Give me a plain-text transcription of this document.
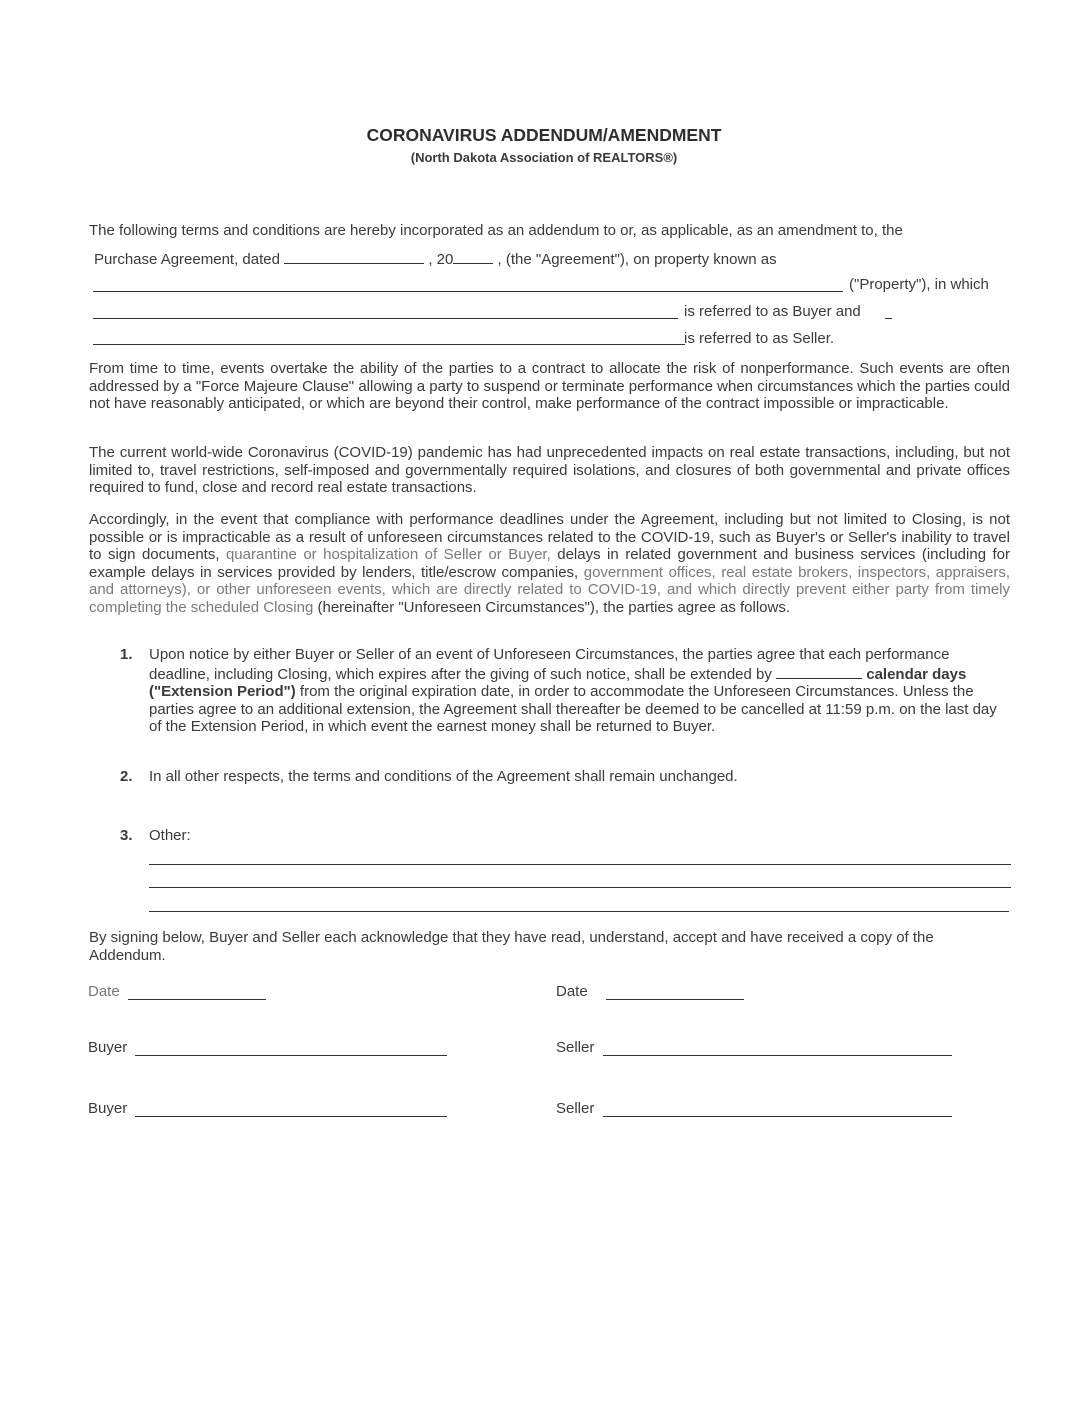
CORONAVIRUS ADDENDUM/AMENDMENT
(North Dakota Association of REALTORS®)
The following terms and conditions are hereby incorporated as an addendum to or, as applicable, as an amendment to, the
Purchase Agreement, dated	, 20	, (the "Agreement"), on property known as
("Property"), in which
is referred to as Buyer and
is referred to as Seller.
From time to time, events overtake the ability of the parties to a contract to allocate the risk of nonperformance. Such events are often addressed by a "Force Majeure Clause" allowing a party to suspend or terminate performance when circumstances which the parties could not have reasonably anticipated, or which are beyond their control, make performance of the contract impossible or impracticable.
The current world-wide Coronavirus (COVID-19) pandemic has had unprecedented impacts on real estate transactions, including, but not limited to, travel restrictions, self-imposed and governmentally required isolations, and closures of both governmental and private offices required to fund, close and record real estate transactions.
Accordingly, in the event that compliance with performance deadlines under the Agreement, including but not limited to Closing, is not possible or is impracticable as a result of unforeseen circumstances related to the COVID-19, such as Buyer's or Seller's inability to travel to sign documents, quarantine or hospitalization of Seller or Buyer, delays in related government and business services (including for example delays in services provided by lenders, title/escrow companies, government offices, real estate brokers, inspectors, appraisers, and attorneys), or other unforeseen events, which are directly related to COVID-19, and which directly prevent either party from timely completing the scheduled Closing (hereinafter "Unforeseen Circumstances"), the parties agree as follows.
1. Upon notice by either Buyer or Seller of an event of Unforeseen Circumstances, the parties agree that each performance deadline, including Closing, which expires after the giving of such notice, shall be extended by	calendar days ("Extension Period") from the original expiration date, in order to accommodate the Unforeseen Circumstances. Unless the parties agree to an additional extension, the Agreement shall thereafter be deemed to be cancelled at 11:59 p.m. on the last day of the Extension Period, in which event the earnest money shall be returned to Buyer.
2. In all other respects, the terms and conditions of the Agreement shall remain unchanged.
3. Other:
By signing below, Buyer and Seller each acknowledge that they have read, understand, accept and have received a copy of the Addendum.
Date	Date
Buyer	Seller
Buyer	Seller
